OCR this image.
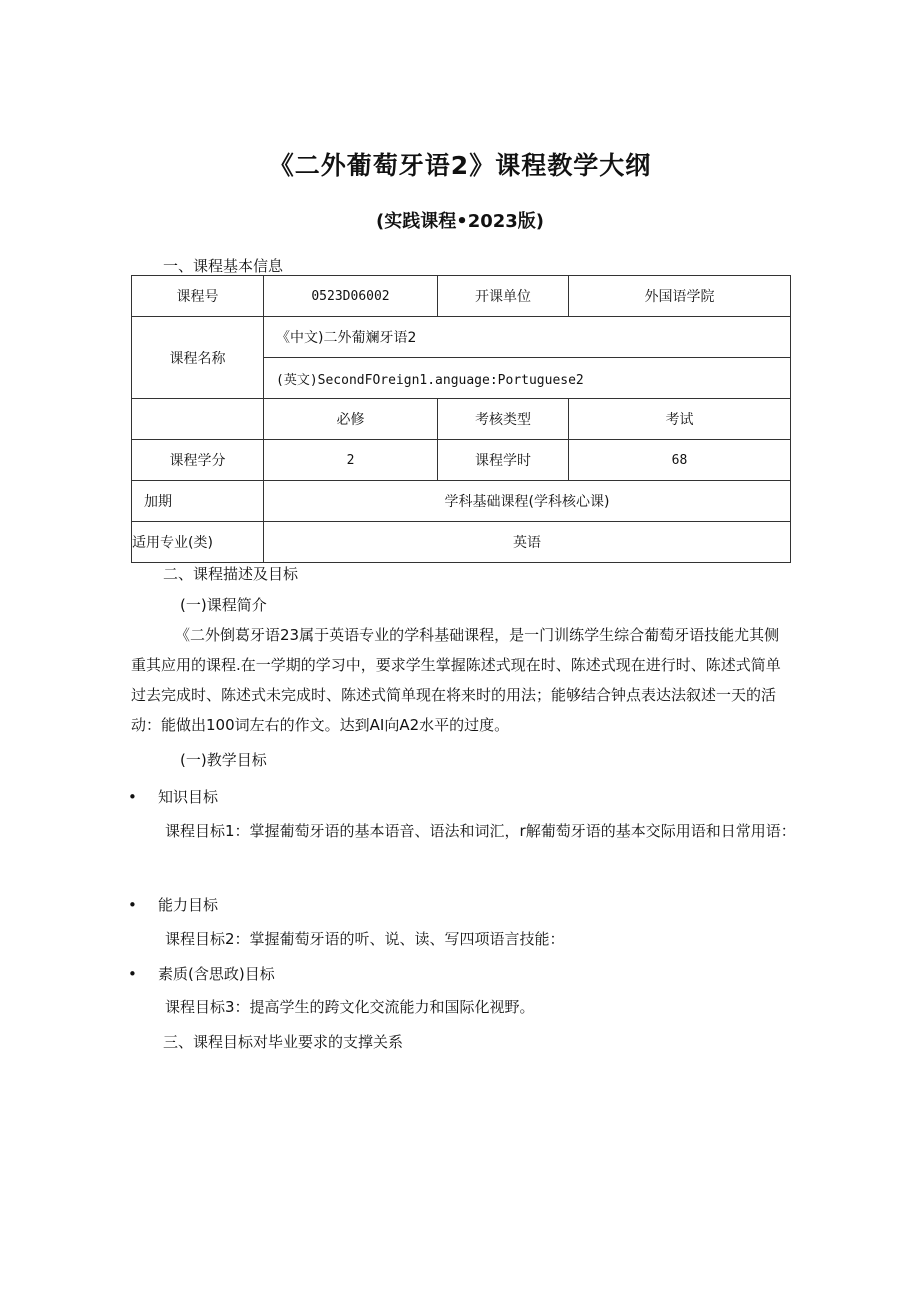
《二外葡萄牙语2》课程教学大纲
(实践课程•2023版)
一、课程基本信息
课程号	0523D06002	开课单位	外国语学院
课程名称	《中文)二外葡斓牙语2		
	(英文)SecondFOreign1.anguage:Portuguese2		
	必修	考核类型	考试
课程学分	2	课程学时	68
加期	学科基础课程(学科核心课)		
适用专业(类)	英语		
二、课程描述及目标
(一)课程简介
《二外倒葛牙语23属于英语专业的学科基础课程，是一门训练学生综合葡萄牙语技能尤其侧重其应用的课程.在一学期的学习中，要求学生掌握陈述式现在时、陈述式现在进行时、陈述式简单过去完成时、陈述式未完成时、陈述式简单现在将来时的用法；能够结合钟点表达法叙述一天的活动：能做出100词左右的作文。达到AI向A2水平的过度。
(一)教学目标
• 知识目标
课程目标1：掌握葡萄牙语的基本语音、语法和词汇，r解葡萄牙语的基本交际用语和日常用语：
• 能力目标
课程目标2：掌握葡萄牙语的听、说、读、写四项语言技能：
• 素质(含思政)目标
课程目标3：提高学生的跨文化交流能力和国际化视野。
三、课程目标对毕业要求的支撑关系
